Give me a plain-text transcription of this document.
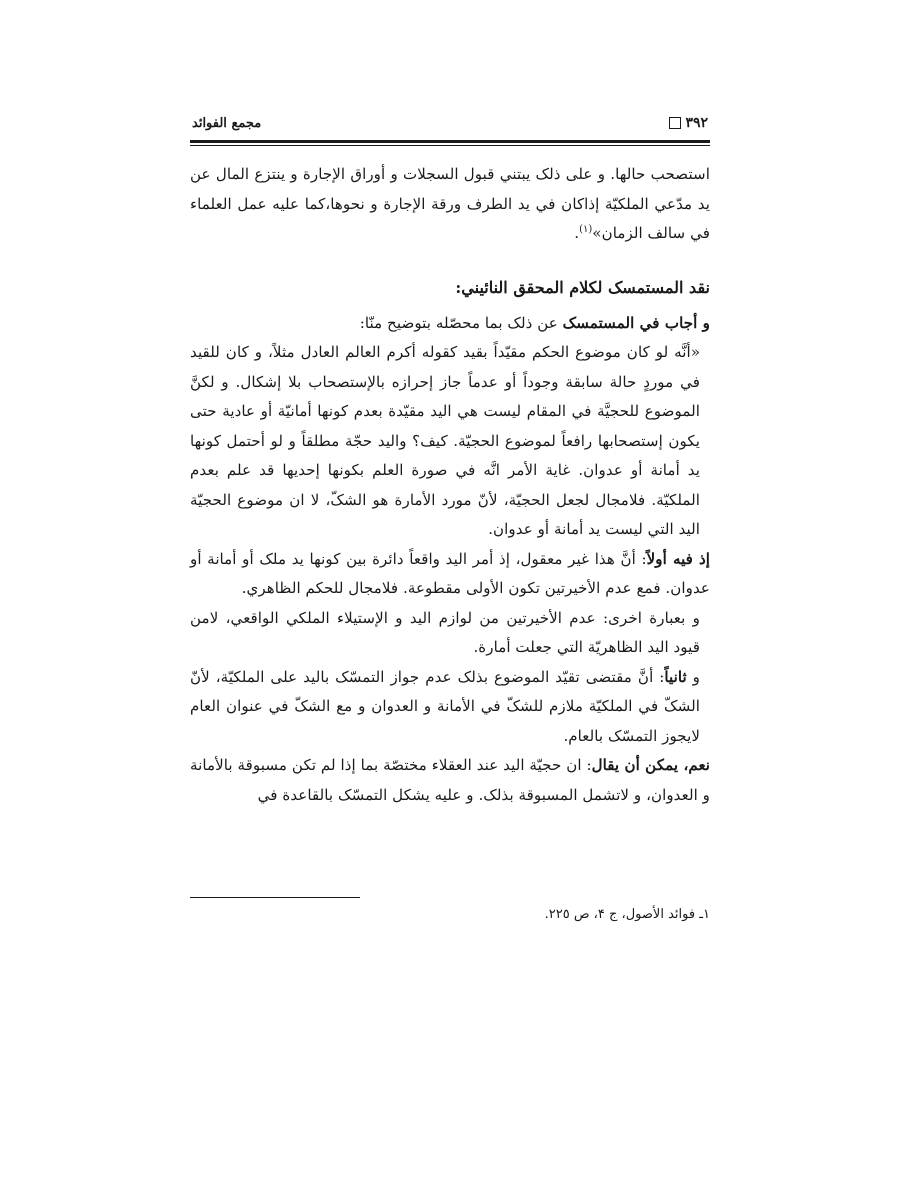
٣٩٢
مجمع الفوائد

استصحب حالها. و على ذلک يبتني قبول السجلات و أوراق الإجارة و ينتزع المال عن يد مدّعي الملکيّة إذاکان في يد الطرف ورقة الإجارة و نحوها،کما عليه عمل العلماء في سالف الزمان»$^{(١)}$.

نقد المستمسک لکلام المحقق النائيني:

و أجاب في المستمسک عن ذلک بما محصّله بتوضيح منّا:

«أنَّه لو کان موضوع الحکم مقيّداً بقيد کقوله أکرم العالم العادل مثلاً، و کان للقيد في موردٍ حالة سابقة وجوداً أو عدماً جاز إحرازه بالإستصحاب بلا إشکال. و لکنَّ الموضوع للحجيَّة في المقام ليست هي اليد مقيّدة بعدم کونها أمانيّة أو عادية حتى يکون إستصحابها رافعاً لموضوع الحجيّة. کيف؟ واليد حجّة مطلقاً و لو أحتمل کونها يد أمانة أو عدوان. غاية الأمر انَّه في صورة العلم بکونها إحديها قد علم بعدم الملکيّة. فلامجال لجعل الحجيّة، لأنّ مورد الأمارة هو الشکّ، لا ان موضوع الحجيّة اليد التي ليست يد أمانة أو عدوان.

إذ فيه أولاً: أنَّ هذا غير معقول، إذ أمر اليد واقعاً دائرة بين کونها يد ملک أو أمانة أو عدوان. فمع عدم الأخيرتين تکون الأولى مقطوعة. فلامجال للحکم الظاهري.

و بعبارة اخرى: عدم الأخيرتين من لوازم اليد و الإستيلاء الملکي الواقعي، لامن قيود اليد الظاهريّة التي جعلت أمارة.

و ثانياً: أنَّ مقتضى تقيّد الموضوع بذلک عدم جواز التمسّک باليد على الملکيّة، لأنّ الشکّ في الملکيّة ملازم للشکّ في الأمانة و العدوان و مع الشکّ في عنوان العام لايجوز التمسّک بالعام.

نعم، يمکن أن يقال: ان حجيّة اليد عند العقلاء مختصّة بما إذا لم تکن مسبوقة بالأمانة و العدوان، و لاتشمل المسبوقة بذلک. و عليه يشکل التمسّک بالقاعدة في

١ـ فوائد الأصول، ج ۴، ص ٢٢٥.
